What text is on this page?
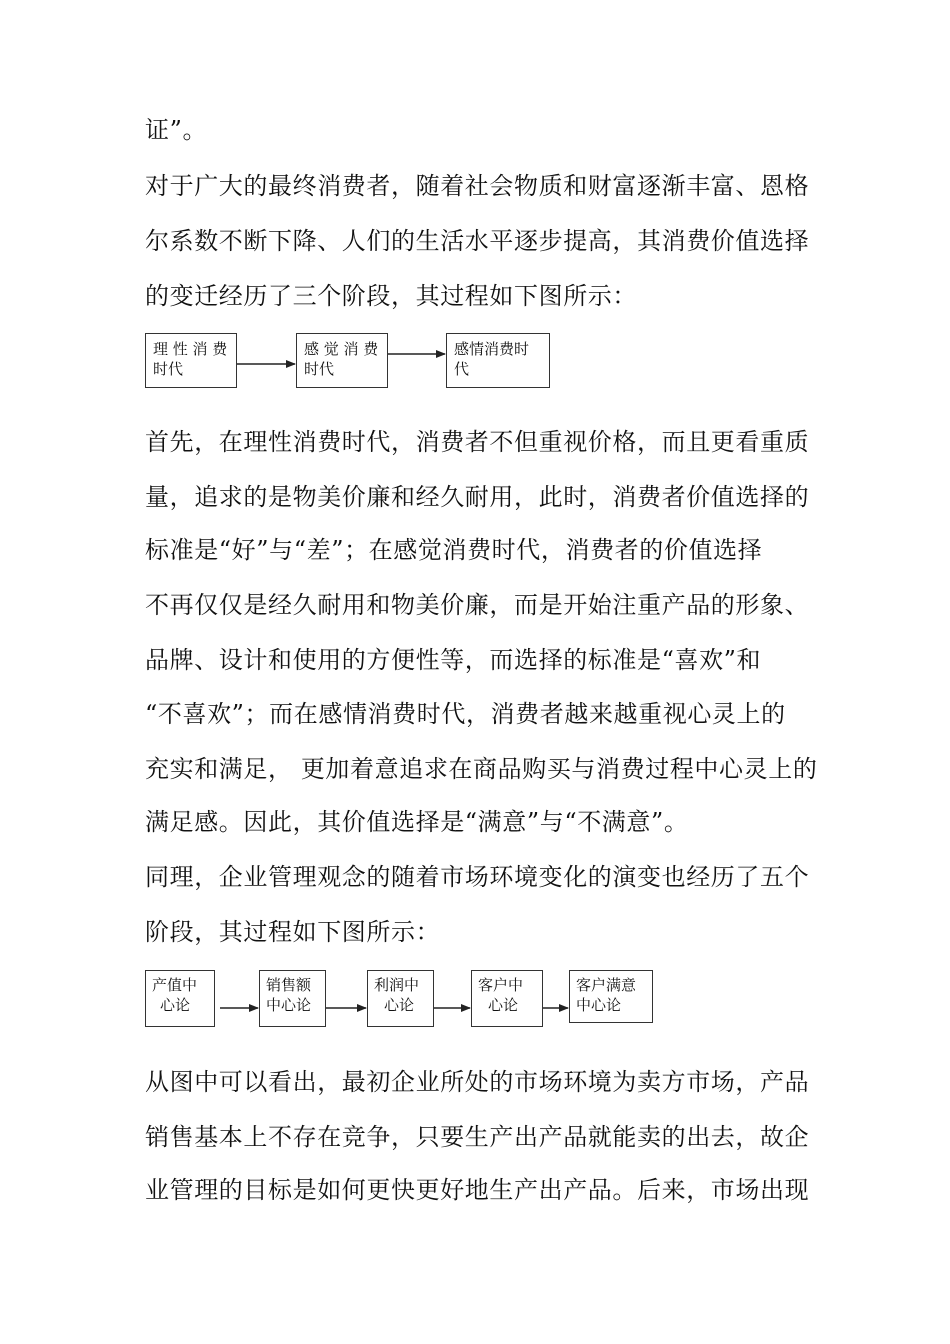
证”。
对于广大的最终消费者，随着社会物质和财富逐渐丰富、恩格
尔系数不断下降、人们的生活水平逐步提高，其消费价值选择
的变迁经历了三个阶段，其过程如下图所示：
理 性 消 费
时代
感 觉 消 费
时代
感情消费时
代
首先，在理性消费时代，消费者不但重视价格，而且更看重质
量，追求的是物美价廉和经久耐用，此时，消费者价值选择的
标准是“好”与“差”；在感觉消费时代，消费者的价值选择
不再仅仅是经久耐用和物美价廉，而是开始注重产品的形象、
品牌、设计和使用的方便性等，而选择的标准是“喜欢”和
“不喜欢”；而在感情消费时代，消费者越来越重视心灵上的
充实和满足， 更加着意追求在商品购买与消费过程中心灵上的
满足感。因此，其价值选择是“满意”与“不满意”。
同理，企业管理观念的随着市场环境变化的演变也经历了五个
阶段，其过程如下图所示：
产值中
心论
销售额
中心论
利润中
心论
客户中
心论
客户满意
中心论
从图中可以看出，最初企业所处的市场环境为卖方市场，产品
销售基本上不存在竞争，只要生产出产品就能卖的出去，故企
业管理的目标是如何更快更好地生产出产品。后来，市场出现
